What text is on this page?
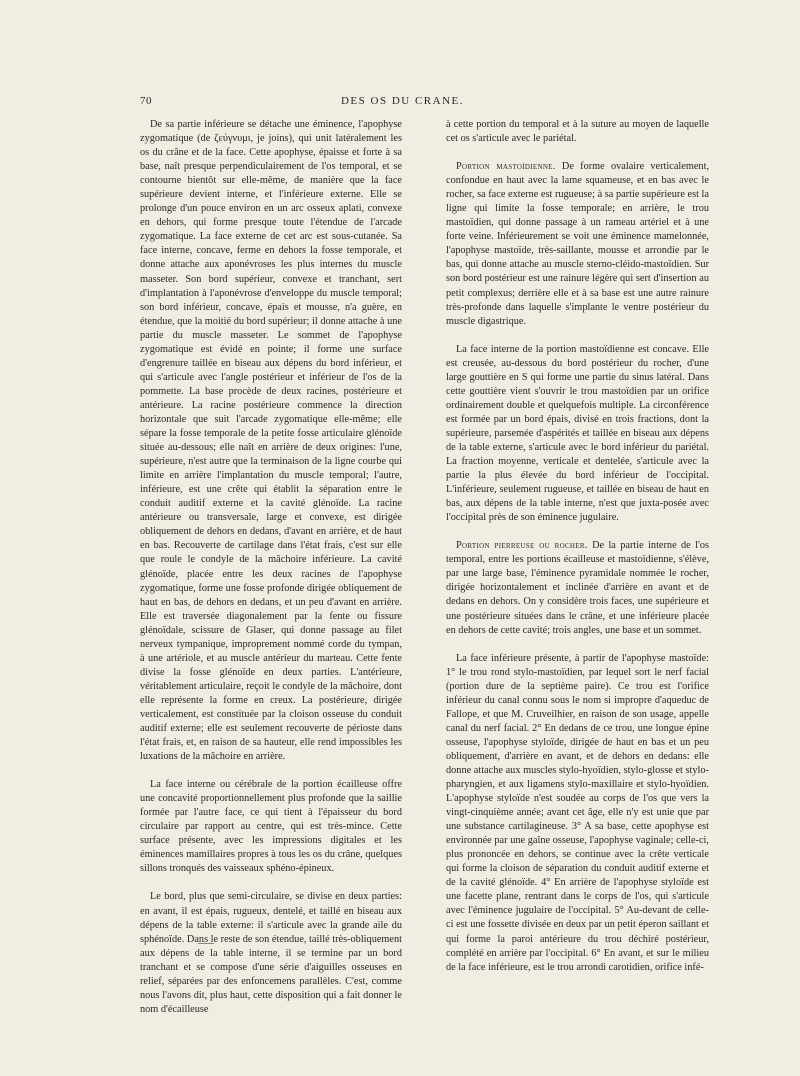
70	DES OS DU CRANE.

De sa partie inférieure se détache une éminence, l'apophyse zygomatique (de ζεύγνυμι, je joins), qui unit latéralement les os du crâne et de la face. Cette apophyse, épaisse et forte à sa base, naît presque perpendiculairement de l'os temporal, et se contourne bientôt sur elle-même, de manière que la face supérieure devient interne, et l'inférieure externe. Elle se prolonge d'un pouce environ en un arc osseux aplati, convexe en dehors, qui forme presque toute l'étendue de l'arcade zygomatique. La face externe de cet arc est sous-cutanée. Sa face interne, concave, ferme en dehors la fosse temporale, et donne attache aux aponévroses les plus internes du muscle masseter. Son bord supérieur, convexe et tranchant, sert d'implantation à l'aponévrose d'enveloppe du muscle temporal; son bord inférieur, concave, épais et mousse, n'a guère, en étendue, que la moitié du bord supérieur; il donne attache à une partie du muscle masseter. Le sommet de l'apophyse zygomatique est évidé en pointe; il forme une surface d'engrenure taillée en biseau aux dépens du bord inférieur, et qui s'articule avec l'angle postérieur et inférieur de l'os de la pommette. La base procède de deux racines, postérieure et antérieure. La racine postérieure commence la direction horizontale que suit l'arcade zygomatique elle-même; elle sépare la fosse temporale de la petite fosse articulaire glénoïde située au-dessous; elle naît en arrière de deux origines: l'une, supérieure, n'est autre que la terminaison de la ligne courbe qui limite en arrière l'implantation du muscle temporal; l'autre, inférieure, est une crête qui établit la séparation entre le conduit auditif externe et la cavité glénoïde. La racine antérieure ou transversale, large et convexe, est dirigée obliquement de dehors en dedans, d'avant en arrière, et de haut en bas. Recouverte de cartilage dans l'état frais, c'est sur elle que roule le condyle de la mâchoire inférieure. La cavité glénoïde, placée entre les deux racines de l'apophyse zygomatique, forme une fosse profonde dirigée obliquement de haut en bas, de dehors en dedans, et un peu d'avant en arrière. Elle est traversée diagonalement par la fente ou fissure glénoïdale, scissure de Glaser, qui donne passage au filet nerveux tympanique, improprement nommé corde du tympan, à une artériole, et au muscle antérieur du marteau. Cette fente divise la fosse glénoïde en deux parties. L'antérieure, véritablement articulaire, reçoit le condyle de la mâchoire, dont elle représente la forme en creux. La postérieure, dirigée verticalement, est constituée par la cloison osseuse du conduit auditif externe; elle est seulement recouverte de périoste dans l'état frais, et, en raison de sa hauteur, elle rend impossibles les luxations de la mâchoire en arrière.

La face interne ou cérébrale de la portion écailleuse offre une concavité proportionnellement plus profonde que la saillie formée par l'autre face, ce qui tient à l'épaisseur du bord circulaire par rapport au centre, qui est très-mince. Cette surface présente, avec les impressions digitales et les éminences mamillaires propres à tous les os du crâne, quelques sillons tronqués des vaisseaux sphéno-épineux.

Le bord, plus que semi-circulaire, se divise en deux parties: en avant, il est épais, rugueux, dentelé, et taillé en biseau aux dépens de la table externe: il s'articule avec la grande aile du sphénoïde. Dans le reste de son étendue, taillé très-obliquement aux dépens de la table interne, il se termine par un bord tranchant et se compose d'une série d'aiguilles osseuses en relief, séparées par des enfoncemens parallèles. C'est, comme nous l'avons dit, plus haut, cette disposition qui a fait donner le nom d'écailleuse

à cette portion du temporal et à la suture au moyen de laquelle cet os s'articule avec le pariétal.

Portion mastoïdienne. De forme ovalaire verticalement, confondue en haut avec la lame squameuse, et en bas avec le rocher, sa face externe est rugueuse; à sa partie supérieure est la ligne qui limite la fosse temporale; en arrière, le trou mastoïdien, qui donne passage à un rameau artériel et à une forte veine. Inférieurement se voit une éminence mamelonnée, l'apophyse mastoïde, très-saillante, mousse et arrondie par le bas, qui donne attache au muscle sterno-cléido-mastoïdien. Sur son bord postérieur est une rainure légère qui sert d'insertion au petit complexus; derrière elle et à sa base est une autre rainure très-profonde dans laquelle s'implante le ventre postérieur du muscle digastrique.

La face interne de la portion mastoïdienne est concave. Elle est creusée, au-dessous du bord postérieur du rocher, d'une large gouttière en S qui forme une partie du sinus latéral. Dans cette gouttière vient s'ouvrir le trou mastoïdien par un orifice ordinairement double et quelquefois multiple. La circonférence est formée par un bord épais, divisé en trois fractions, dont la supérieure, parsemée d'aspérités et taillée en biseau aux dépens de la table externe, s'articule avec le bord inférieur du pariétal. La fraction moyenne, verticale et dentelée, s'articule avec la partie la plus élevée du bord inférieur de l'occipital. L'inférieure, seulement rugueuse, et taillée en biseau de haut en bas, aux dépens de la table interne, n'est que juxta-posée avec l'occipital près de son éminence jugulaire.

Portion pierreuse ou rocher. De la partie interne de l'os temporal, entre les portions écailleuse et mastoïdienne, s'élève, par une large base, l'éminence pyramidale nommée le rocher, dirigée horizontalement et inclinée d'arrière en avant et de dedans en dehors. On y considère trois faces, une supérieure et une postérieure situées dans le crâne, et une inférieure placée en dehors de cette cavité; trois angles, une base et un sommet.

La face inférieure présente, à partir de l'apophyse mastoïde: 1° le trou rond stylo-mastoïdien, par lequel sort le nerf facial (portion dure de la septième paire). Ce trou est l'orifice inférieur du canal connu sous le nom si impropre d'aqueduc de Fallope, et que M. Cruveilhier, en raison de son usage, appelle canal du nerf facial. 2° En dedans de ce trou, une longue épine osseuse, l'apophyse styloïde, dirigée de haut en bas et un peu obliquement, d'arrière en avant, et de dehors en dedans: elle donne attache aux muscles stylo-hyoïdien, stylo-glosse et stylo-pharyngien, et aux ligamens stylo-maxillaire et stylo-hyoïdien. L'apophyse styloïde n'est soudée au corps de l'os que vers la vingt-cinquième année; avant cet âge, elle n'y est unie que par une substance cartilagineuse. 3° A sa base, cette apophyse est environnée par une gaîne osseuse, l'apophyse vaginale; celle-ci, plus prononcée en dehors, se continue avec la crête verticale qui forme la cloison de séparation du conduit auditif externe et de la cavité glénoïde. 4° En arrière de l'apophyse styloïde est une facette plane, rentrant dans le corps de l'os, qui s'articule avec l'éminence jugulaire de l'occipital. 5° Au-devant de celle-ci est une fossette divisée en deux par un petit éperon saillant et qui forme la paroi antérieure du trou déchiré postérieur, complété en arrière par l'occipital. 6° En avant, et sur le milieu de la face inférieure, est le trou arrondi carotidien, orifice infé-
